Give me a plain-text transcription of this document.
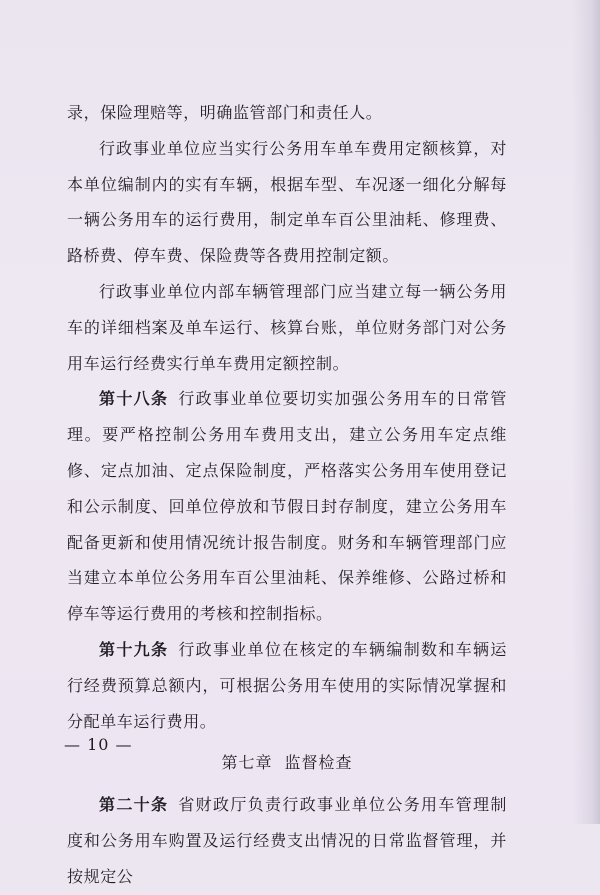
录，保险理赔等，明确监管部门和责任人。

行政事业单位应当实行公务用车单车费用定额核算，对本单位编制内的实有车辆，根据车型、车况逐一细化分解每一辆公务用车的运行费用，制定单车百公里油耗、修理费、路桥费、停车费、保险费等各费用控制定额。

行政事业单位内部车辆管理部门应当建立每一辆公务用车的详细档案及单车运行、核算台账，单位财务部门对公务用车运行经费实行单车费用定额控制。

第十八条 行政事业单位要切实加强公务用车的日常管理。要严格控制公务用车费用支出，建立公务用车定点维修、定点加油、定点保险制度，严格落实公务用车使用登记和公示制度、回单位停放和节假日封存制度，建立公务用车配备更新和使用情况统计报告制度。财务和车辆管理部门应当建立本单位公务用车百公里油耗、保养维修、公路过桥和停车等运行费用的考核和控制指标。

第十九条 行政事业单位在核定的车辆编制数和车辆运行经费预算总额内，可根据公务用车使用的实际情况掌握和分配单车运行费用。

第七章 监督检查

第二十条 省财政厅负责行政事业单位公务用车管理制度和公务用车购置及运行经费支出情况的日常监督管理，并按规定公

— 10 —
